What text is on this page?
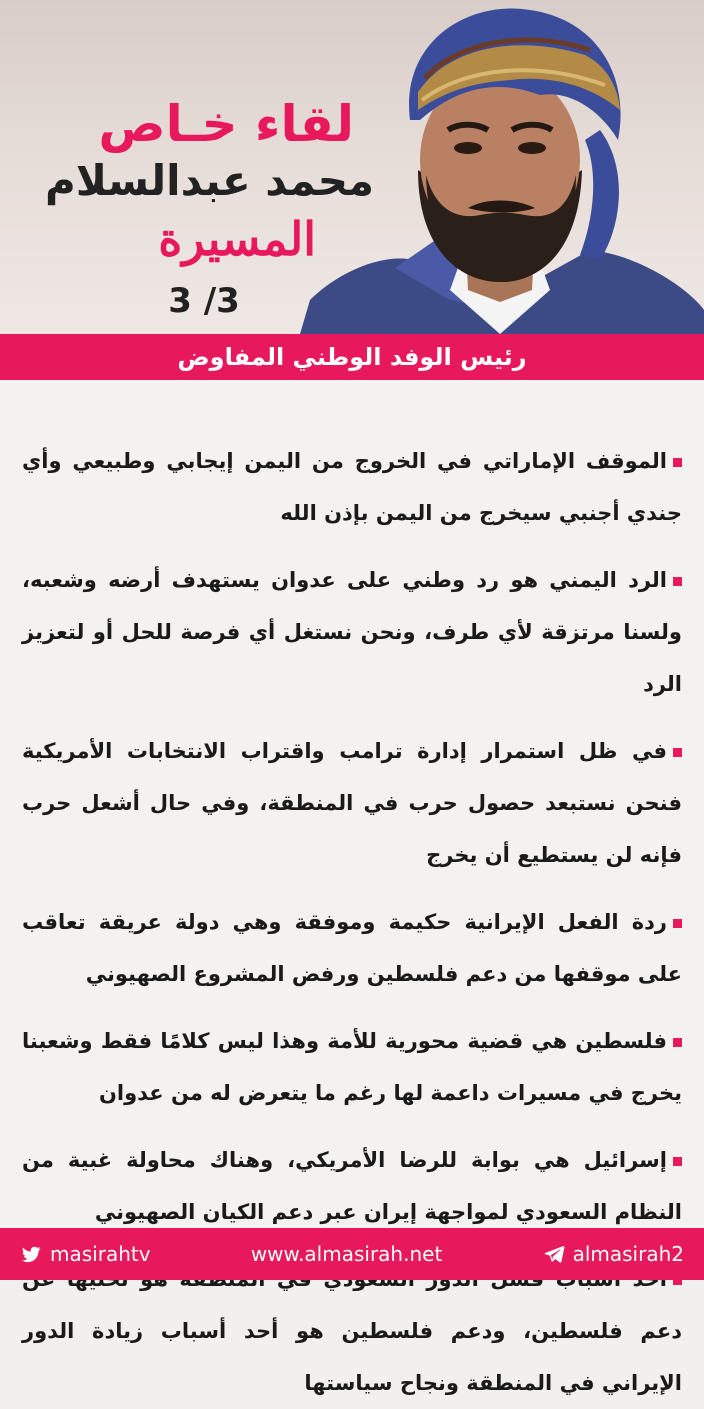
لقاء خـاص
محمد عبدالسلام
المسيرة
3 /3
رئيس الوفد الوطني المفاوض

الموقف الإماراتي في الخروج من اليمن إيجابي وطبيعي وأي جندي أجنبي سيخرج من اليمن بإذن الله

الرد اليمني هو رد وطني على عدوان يستهدف أرضه وشعبه، ولسنا مرتزقة لأي طرف، ونحن نستغل أي فرصة للحل أو لتعزيز الرد

في ظل استمرار إدارة ترامب واقتراب الانتخابات الأمريكية فنحن نستبعد حصول حرب في المنطقة، وفي حال أشعل حرب فإنه لن يستطيع أن يخرج

ردة الفعل الإيرانية حكيمة وموفقة وهي دولة عريقة تعاقب على موقفها من دعم فلسطين ورفض المشروع الصهيوني

فلسطين هي قضية محورية للأمة وهذا ليس كلامًا فقط وشعبنا يخرج في مسيرات داعمة لها رغم ما يتعرض له من عدوان

إسرائيل هي بوابة للرضا الأمريكي، وهناك محاولة غبية من النظام السعودي لمواجهة إيران عبر دعم الكيان الصهيوني

دعم فلسطين، ودعم فلسطين هو أحد أسباب زيادة الدور الإيراني في المنطقة ونجاح سياستها

masirahtv	www.almasirah.net	almasirah2
